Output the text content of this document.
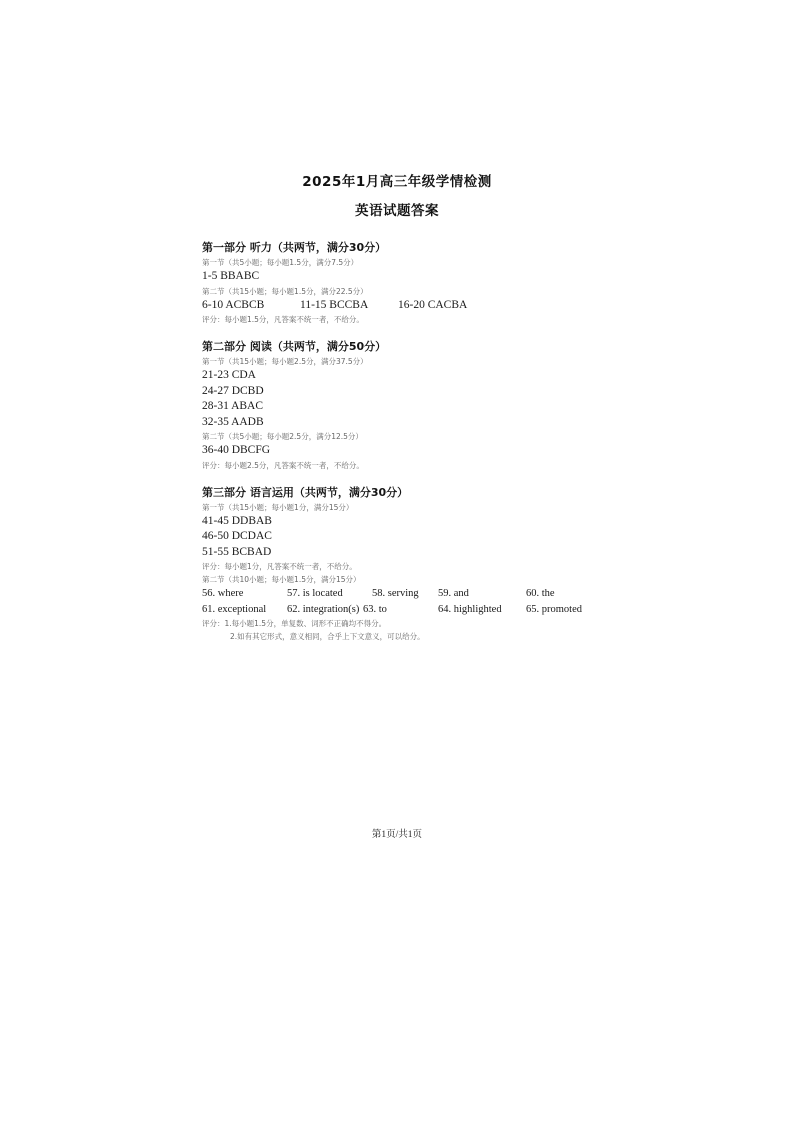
2025年1月高三年级学情检测
英语试题答案
第一部分 听力（共两节，满分30分）
第一节（共5小题；每小题1.5分，满分7.5分）
1-5 BBABC
第二节（共15小题；每小题1.5分，满分22.5分）
6-10 ACBCB	11-15 BCCBA	16-20 CACBA
评分：每小题1.5分，凡答案不统一者，不给分。
第二部分 阅读（共两节，满分50分）
第一节（共15小题；每小题2.5分，满分37.5分）
21-23 CDA
24-27 DCBD
28-31 ABAC
32-35 AADB
第二节（共5小题；每小题2.5分，满分12.5分）
36-40 DBCFG
评分：每小题2.5分，凡答案不统一者，不给分。
第三部分 语言运用（共两节，满分30分）
第一节（共15小题；每小题1分，满分15分）
41-45 DDBAB
46-50 DCDAC
51-55 BCBAD
评分：每小题1分，凡答案不统一者，不给分。
第二节（共10小题；每小题1.5分，满分15分）
56. where	57. is located	58. serving	59. and	60. the
61. exceptional	62. integration(s) 63. to	64. highlighted	65. promoted
评分：1.每小题1.5分，单复数、词形不正确均不得分。
2.如有其它形式，意义相同，合乎上下文意义，可以给分。
第1页/共1页
